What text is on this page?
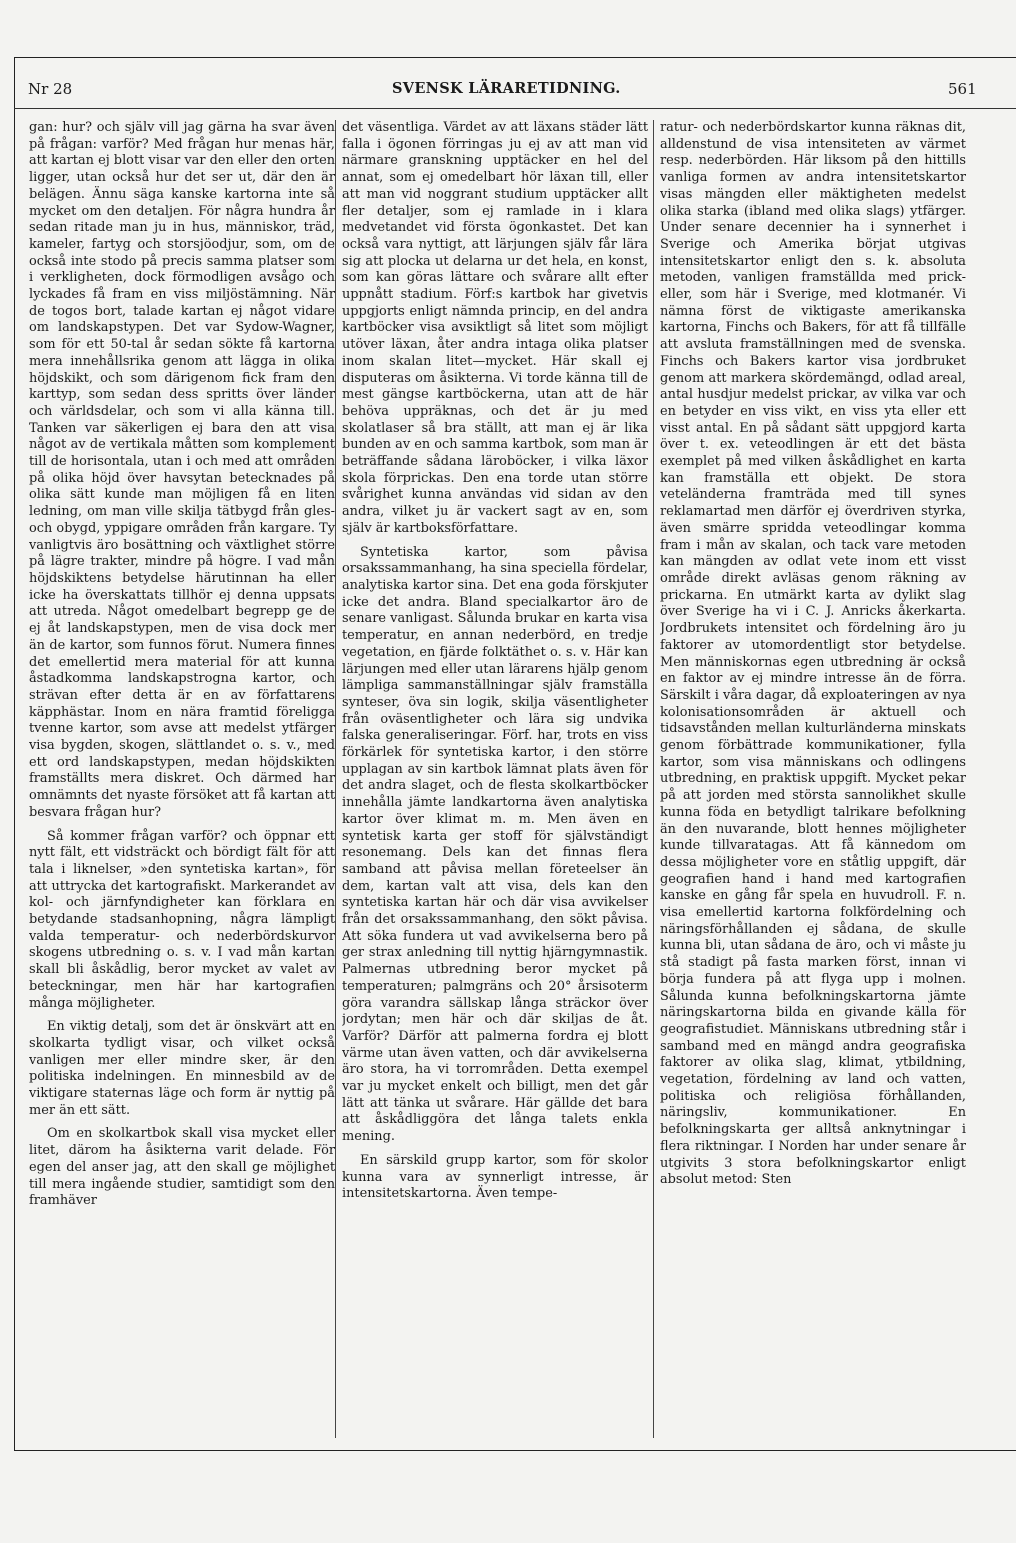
Nr 28	SVENSK LÄRARETIDNING.	561

gan: hur? och själv vill jag gärna ha svar även på frågan: varför? Med frågan hur menas här, att kartan ej blott visar var den eller den orten ligger, utan också hur det ser ut, där den är belägen. Ännu säga kanske kartorna inte så mycket om den detaljen. För några hundra år sedan ritade man ju in hus, människor, träd, kameler, fartyg och storsjöodjur, som, om de också inte stodo på precis samma platser som i verkligheten, dock förmodligen avsågo och lyckades få fram en viss miljöstämning. När de togos bort, talade kartan ej något vidare om landskapstypen. Det var Sydow-Wagner, som för ett 50-tal år sedan sökte få kartorna mera innehållsrika genom att lägga in olika höjdskikt, och som därigenom fick fram den karttyp, som sedan dess spritts över länder och världsdelar, och som vi alla känna till. Tanken var säkerligen ej bara den att visa något av de vertikala måtten som komplement till de horisontala, utan i och med att områden på olika höjd över havsytan betecknades på olika sätt kunde man möjligen få en liten ledning, om man ville skilja tätbygd från gles- och obygd, yppigare områden från kargare. Ty vanligtvis äro bosättning och växtlighet större på lägre trakter, mindre på högre. I vad mån höjdskiktens betydelse härutinnan ha eller icke ha överskattats tillhör ej denna uppsats att utreda. Något omedelbart begrepp ge de ej åt landskapstypen, men de visa dock mer än de kartor, som funnos förut. Numera finnes det emellertid mera material för att kunna åstadkomma landskapstrogna kartor, och strävan efter detta är en av författarens käpphästar. Inom en nära framtid föreligga tvenne kartor, som avse att medelst ytfärger visa bygden, skogen, slättlandet o. s. v., med ett ord landskapstypen, medan höjdskikten framställts mera diskret. Och därmed har omnämnts det nyaste försöket att få kartan att besvara frågan hur?

Så kommer frågan varför? och öppnar ett nytt fält, ett vidsträckt och bördigt fält för att tala i liknelser, »den syntetiska kartan», för att uttrycka det kartografiskt. Markerandet av kol- och järnfyndigheter kan förklara en betydande stadsanhopning, några lämpligt valda temperatur- och nederbördskurvor skogens utbredning o. s. v. I vad mån kartan skall bli åskådlig, beror mycket av valet av beteckningar, men här har kartografien många möjligheter.

En viktig detalj, som det är önskvärt att en skolkarta tydligt visar, och vilket också vanligen mer eller mindre sker, är den politiska indelningen. En minnesbild av de viktigare staternas läge och form är nyttig på mer än ett sätt.

Om en skolkartbok skall visa mycket eller litet, därom ha åsikterna varit delade. För egen del anser jag, att den skall ge möjlighet till mera ingående studier, samtidigt som den framhäver

det väsentliga. Värdet av att läxans städer lätt falla i ögonen förringas ju ej av att man vid närmare granskning upptäcker en hel del annat, som ej omedelbart hör läxan till, eller att man vid noggrant studium upptäcker allt fler detaljer, som ej ramlade in i klara medvetandet vid första ögonkastet. Det kan också vara nyttigt, att lärjungen själv får lära sig att plocka ut delarna ur det hela, en konst, som kan göras lättare och svårare allt efter uppnått stadium. Förf:s kartbok har givetvis uppgjorts enligt nämnda princip, en del andra kartböcker visa avsiktligt så litet som möjligt utöver läxan, åter andra intaga olika platser inom skalan litet—mycket. Här skall ej disputeras om åsikterna. Vi torde känna till de mest gängse kartböckerna, utan att de här behöva uppräknas, och det är ju med skolatlaser så bra ställt, att man ej är lika bunden av en och samma kartbok, som man är beträffande sådana läroböcker, i vilka läxor skola förprickas. Den ena torde utan större svårighet kunna användas vid sidan av den andra, vilket ju är vackert sagt av en, som själv är kartboksförfattare.

Syntetiska kartor, som påvisa orsakssammanhang, ha sina speciella fördelar, analytiska kartor sina. Det ena goda förskjuter icke det andra. Bland specialkartor äro de senare vanligast. Sålunda brukar en karta visa temperatur, en annan nederbörd, en tredje vegetation, en fjärde folktäthet o. s. v. Här kan lärjungen med eller utan lärarens hjälp genom lämpliga sammanställningar själv framställa synteser, öva sin logik, skilja väsentligheter från oväsentligheter och lära sig undvika falska generaliseringar. Förf. har, trots en viss förkärlek för syntetiska kartor, i den större upplagan av sin kartbok lämnat plats även för det andra slaget, och de flesta skolkartböcker innehålla jämte landkartorna även analytiska kartor över klimat m. m. Men även en syntetisk karta ger stoff för självständigt resonemang. Dels kan det finnas flera samband att påvisa mellan företeelser än dem, kartan valt att visa, dels kan den syntetiska kartan här och där visa avvikelser från det orsakssammanhang, den sökt påvisa. Att söka fundera ut vad avvikelserna bero på ger strax anledning till nyttig hjärngymnastik. Palmernas utbredning beror mycket på temperaturen; palmgräns och 20° årsisoterm göra varandra sällskap långa sträckor över jordytan; men här och där skiljas de åt. Varför? Därför att palmerna fordra ej blott värme utan även vatten, och där avvikelserna äro stora, ha vi torrområden. Detta exempel var ju mycket enkelt och billigt, men det går lätt att tänka ut svårare. Här gällde det bara att åskådliggöra det långa talets enkla mening.

En särskild grupp kartor, som för skolor kunna vara av synnerligt intresse, är intensitetskartorna. Även tempe-

ratur- och nederbördskartor kunna räknas dit, alldenstund de visa intensiteten av värmet resp. nederbörden. Här liksom på den hittills vanliga formen av andra intensitetskartor visas mängden eller mäktigheten medelst olika starka (ibland med olika slags) ytfärger. Under senare decennier ha i synnerhet i Sverige och Amerika börjat utgivas intensitetskartor enligt den s. k. absoluta metoden, vanligen framställda med prick- eller, som här i Sverige, med klotmanér. Vi nämna först de viktigaste amerikanska kartorna, Finchs och Bakers, för att få tillfälle att avsluta framställningen med de svenska. Finchs och Bakers kartor visa jordbruket genom att markera skördemängd, odlad areal, antal husdjur medelst prickar, av vilka var och en betyder en viss vikt, en viss yta eller ett visst antal. En på sådant sätt uppgjord karta över t. ex. veteodlingen är ett det bästa exemplet på med vilken åskådlighet en karta kan framställa ett objekt. De stora veteländerna framträda med till synes reklamartad men därför ej överdriven styrka, även smärre spridda veteodlingar komma fram i mån av skalan, och tack vare metoden kan mängden av odlat vete inom ett visst område direkt avläsas genom räkning av prickarna. En utmärkt karta av dylikt slag över Sverige ha vi i C. J. Anricks åkerkarta. Jordbrukets intensitet och fördelning äro ju faktorer av utomordentligt stor betydelse. Men människornas egen utbredning är också en faktor av ej mindre intresse än de förra. Särskilt i våra dagar, då exploateringen av nya kolonisationsområden är aktuell och tidsavstånden mellan kulturländerna minskats genom förbättrade kommunikationer, fylla kartor, som visa människans och odlingens utbredning, en praktisk uppgift. Mycket pekar på att jorden med största sannolikhet skulle kunna föda en betydligt talrikare befolkning än den nuvarande, blott hennes möjligheter kunde tillvaratagas. Att få kännedom om dessa möjligheter vore en ståtlig uppgift, där geografien hand i hand med kartografien kanske en gång får spela en huvudroll. F. n. visa emellertid kartorna folkfördelning och näringsförhållanden ej sådana, de skulle kunna bli, utan sådana de äro, och vi måste ju stå stadigt på fasta marken först, innan vi börja fundera på att flyga upp i molnen. Sålunda kunna befolkningskartorna jämte näringskartorna bilda en givande källa för geografistudiet. Människans utbredning står i samband med en mängd andra geografiska faktorer av olika slag, klimat, ytbildning, vegetation, fördelning av land och vatten, politiska och religiösa förhållanden, näringsliv, kommunikationer. En befolkningskarta ger alltså anknytningar i flera riktningar. I Norden har under senare år utgivits 3 stora befolkningskartor enligt absolut metod: Sten
